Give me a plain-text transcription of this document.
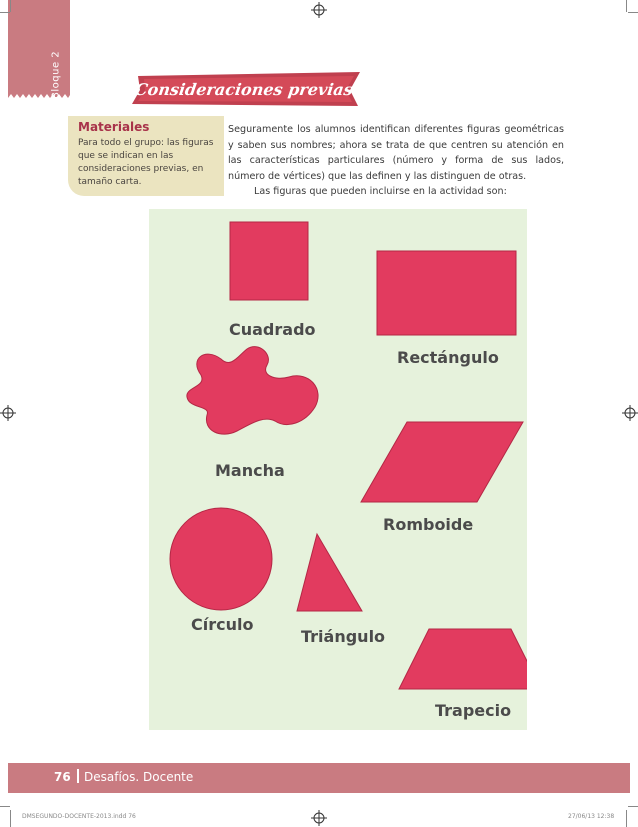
Bloque 2	Consideraciones previas

Materiales

Para todo el grupo: las figuras que se indican en las consideraciones previas, en tamaño carta.

Seguramente los alumnos identifican diferentes figuras geométricas y saben sus nombres; ahora se trata de que centren su atención en las características particulares (número y forma de sus lados, número de vértices) que las definen y las distinguen de otras.

Las figuras que pueden incluirse en la actividad son:

Cuadrado
Rectángulo
Mancha
Romboide
Círculo
Triángulo
Trapecio
76 Desafíos. Docente
DMSEGUNDO-DOCENTE-2013.indd 76	27/06/13 12:38
